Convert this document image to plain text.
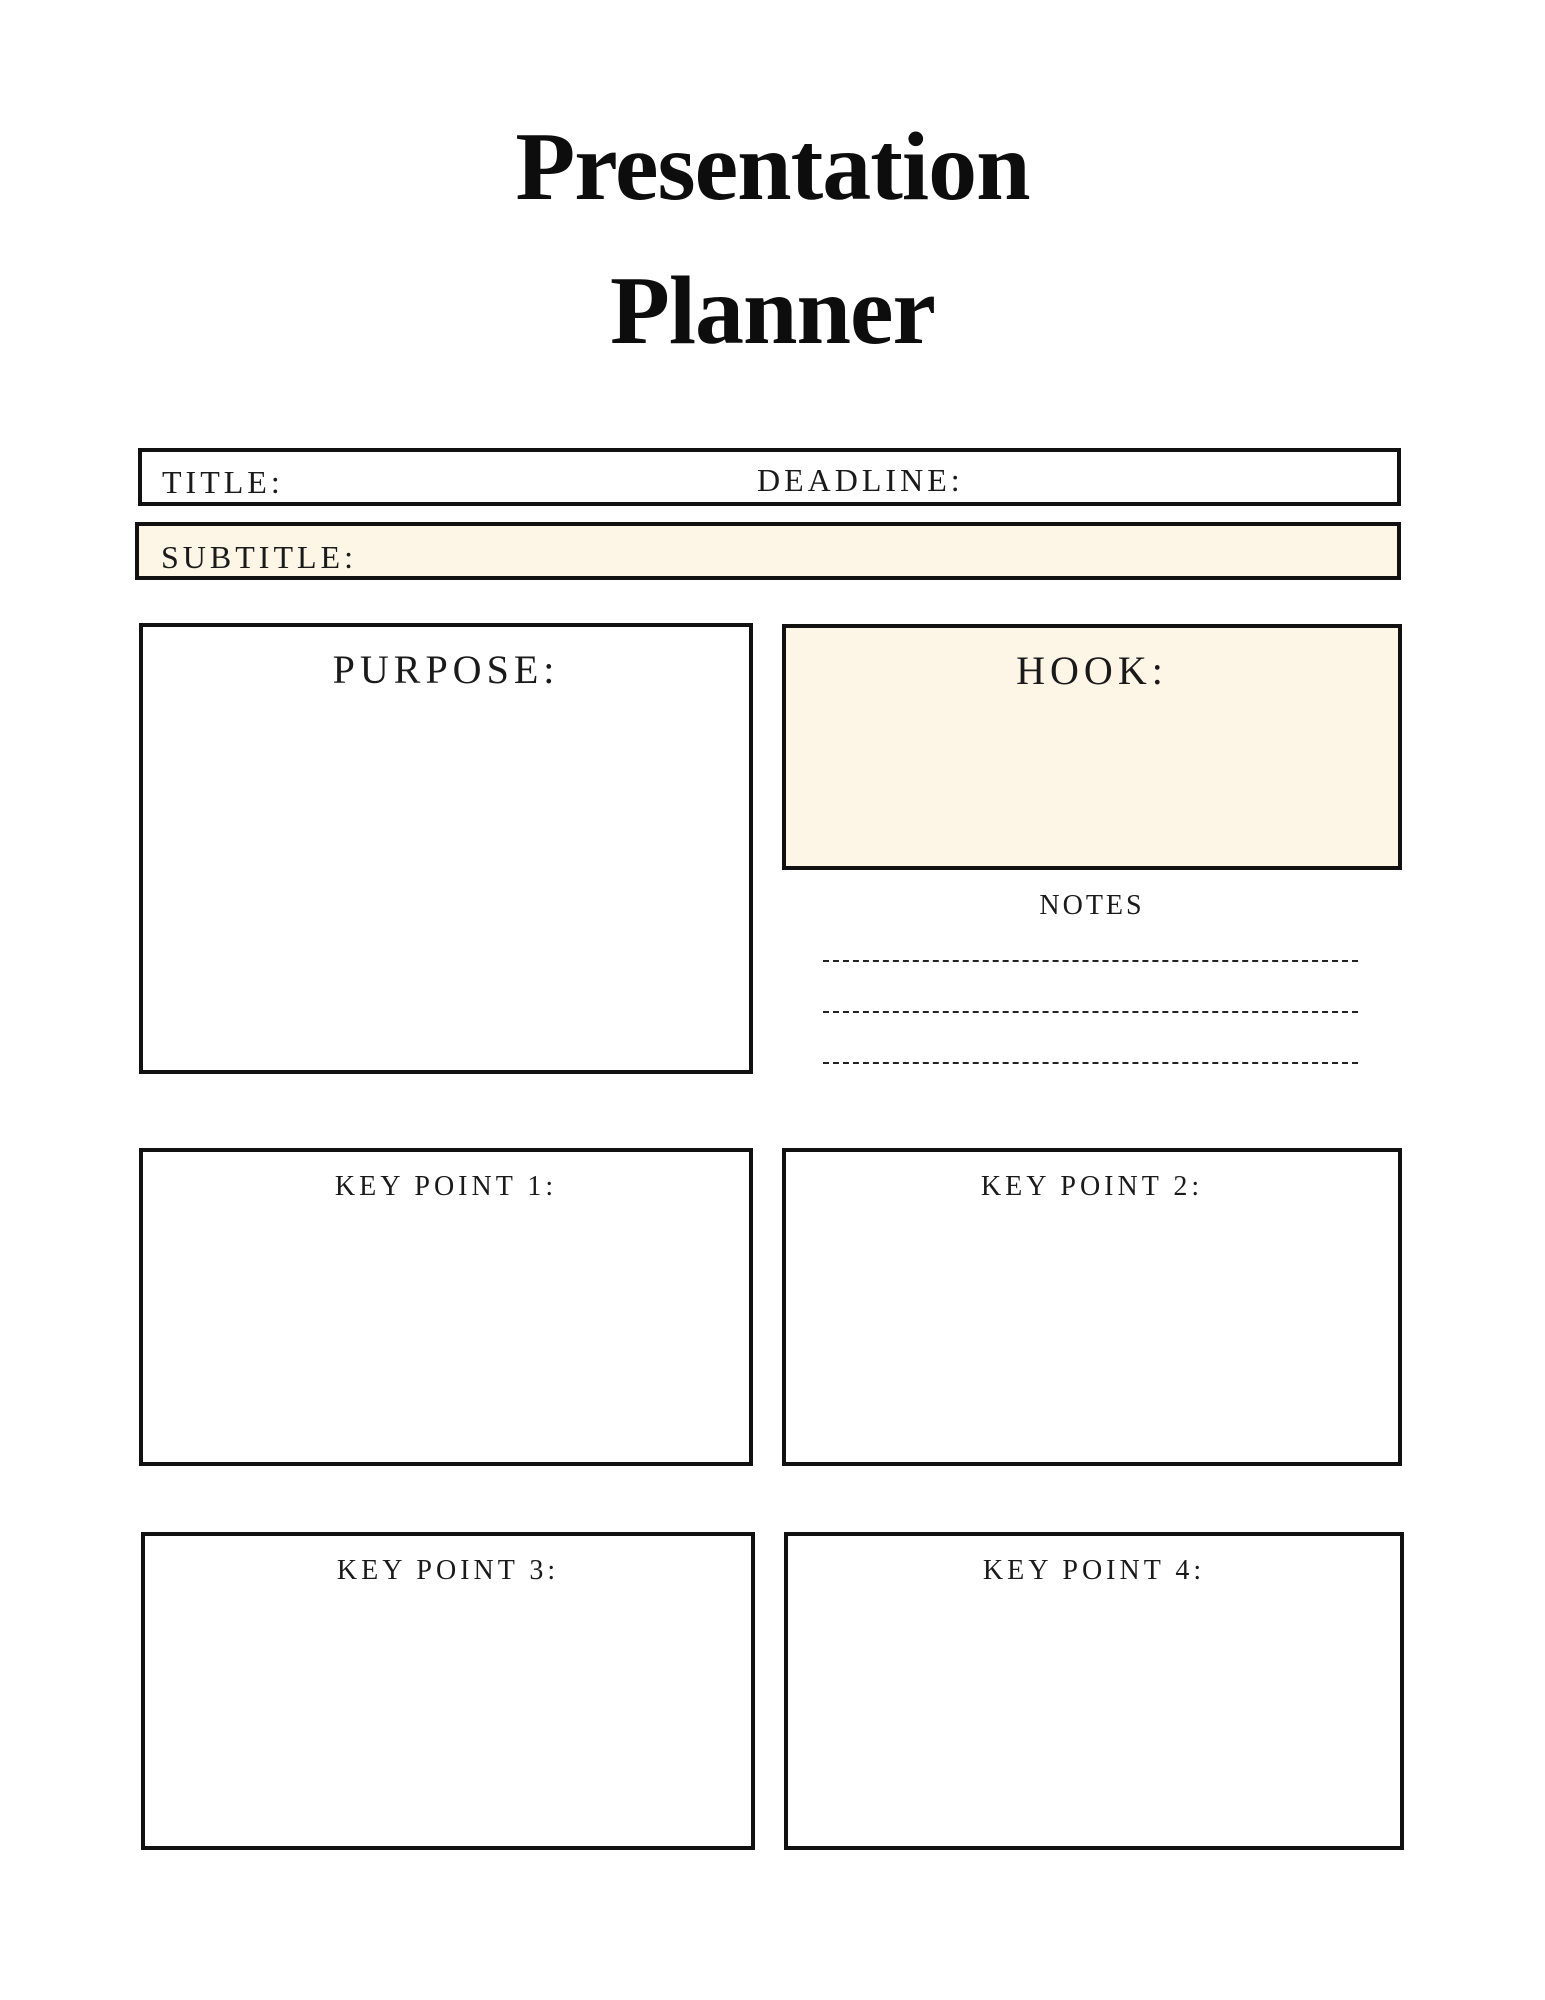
Presentation
Planner
TITLE:	DEADLINE:
SUBTITLE:
PURPOSE:	HOOK:
NOTES
KEY POINT 1:	KEY POINT 2:
KEY POINT 3:	KEY POINT 4:
